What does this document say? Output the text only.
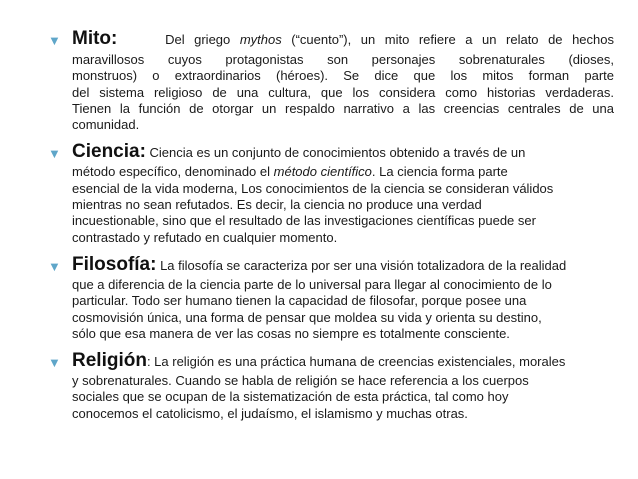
▼ Mito:	Del griego mythos (“cuento”), un mito refiere a un relato de hechos
maravillosos cuyos protagonistas son personajes sobrenaturales (dioses,
monstruos) o extraordinarios (héroes). Se dice que los mitos forman parte
del sistema religioso de una cultura, que los considera como historias verdaderas.
Tienen la función de otorgar un respaldo narrativo a las creencias centrales de una
comunidad.
▼ Ciencia: Ciencia es un conjunto de conocimientos obtenido a través de un
método específico, denominado el método científico. La ciencia forma parte
esencial de la vida moderna, Los conocimientos de la ciencia se consideran válidos
mientras no sean refutados. Es decir, la ciencia no produce una verdad
incuestionable, sino que el resultado de las investigaciones científicas puede ser
contrastado y refutado en cualquier momento.
▼ Filosofía: La filosofía se caracteriza por ser una visión totalizadora de la realidad
que a diferencia de la ciencia parte de lo universal para llegar al conocimiento de lo
particular. Todo ser humano tienen la capacidad de filosofar, porque posee una
cosmovisión única, una forma de pensar que moldea su vida y orienta su destino,
sólo que esa manera de ver las cosas no siempre es totalmente consciente.
▼ Religión: La religión es una práctica humana de creencias existenciales, morales
y sobrenaturales. Cuando se habla de religión se hace referencia a los cuerpos
sociales que se ocupan de la sistematización de esta práctica, tal como hoy
conocemos el catolicismo, el judaísmo, el islamismo y muchas otras.
